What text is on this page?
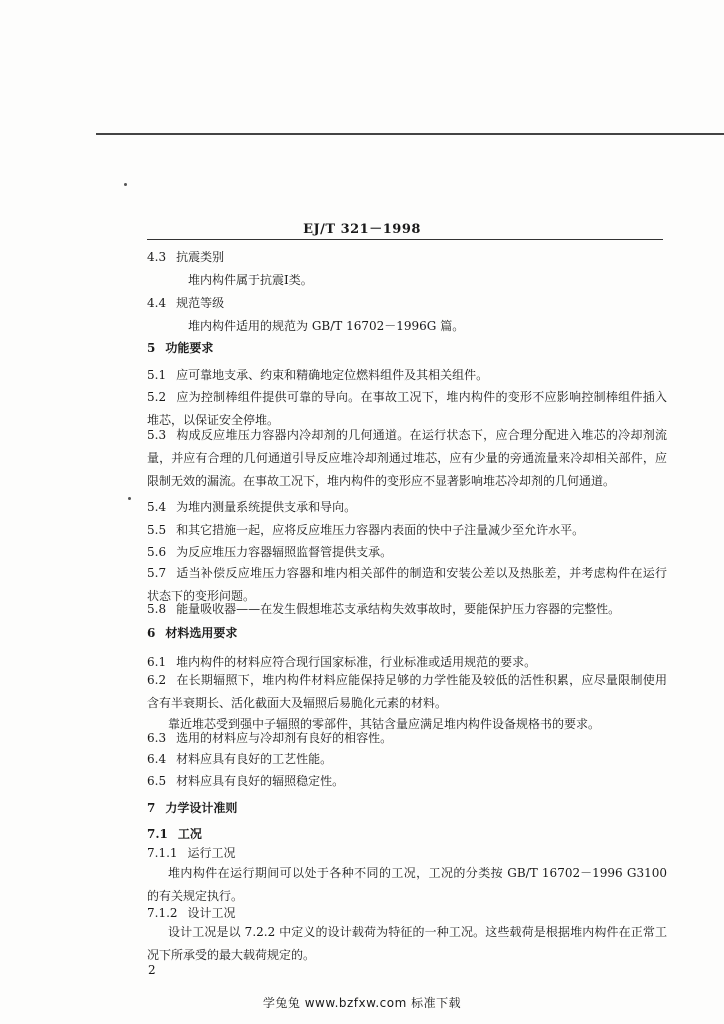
EJ/T 321－1998
4.3 抗震类别
堆内构件属于抗震Ⅰ类。
4.4 规范等级
堆内构件适用的规范为 GB/T 16702－1996G 篇。
5 功能要求
5.1 应可靠地支承、约束和精确地定位燃料组件及其相关组件。
5.2 应为控制棒组件提供可靠的导向。在事故工况下，堆内构件的变形不应影响控制棒组件插入堆芯，以保证安全停堆。
5.3 构成反应堆压力容器内冷却剂的几何通道。在运行状态下，应合理分配进入堆芯的冷却剂流量，并应有合理的几何通道引导反应堆冷却剂通过堆芯，应有少量的旁通流量来冷却相关部件，应限制无效的漏流。在事故工况下，堆内构件的变形应不显著影响堆芯冷却剂的几何通道。
5.4 为堆内测量系统提供支承和导向。
5.5 和其它措施一起，应将反应堆压力容器内表面的快中子注量减少至允许水平。
5.6 为反应堆压力容器辐照监督管提供支承。
5.7 适当补偿反应堆压力容器和堆内相关部件的制造和安装公差以及热胀差，并考虑构件在运行状态下的变形问题。
5.8 能量吸收器——在发生假想堆芯支承结构失效事故时，要能保护压力容器的完整性。
6 材料选用要求
6.1 堆内构件的材料应符合现行国家标准，行业标准或适用规范的要求。
6.2 在长期辐照下，堆内构件材料应能保持足够的力学性能及较低的活性积累，应尽量限制使用含有半衰期长、活化截面大及辐照后易脆化元素的材料。
靠近堆芯受到强中子辐照的零部件，其钴含量应满足堆内构件设备规格书的要求。
6.3 选用的材料应与冷却剂有良好的相容性。
6.4 材料应具有良好的工艺性能。
6.5 材料应具有良好的辐照稳定性。
7 力学设计准则
7.1 工况
7.1.1 运行工况
堆内构件在运行期间可以处于各种不同的工况，工况的分类按 GB/T 16702－1996 G3100 的有关规定执行。
7.1.2 设计工况
设计工况是以 7.2.2 中定义的设计载荷为特征的一种工况。这些载荷是根据堆内构件在正常工况下所承受的最大载荷规定的。
2
学兔兔 www.bzfxw.com 标准下载
